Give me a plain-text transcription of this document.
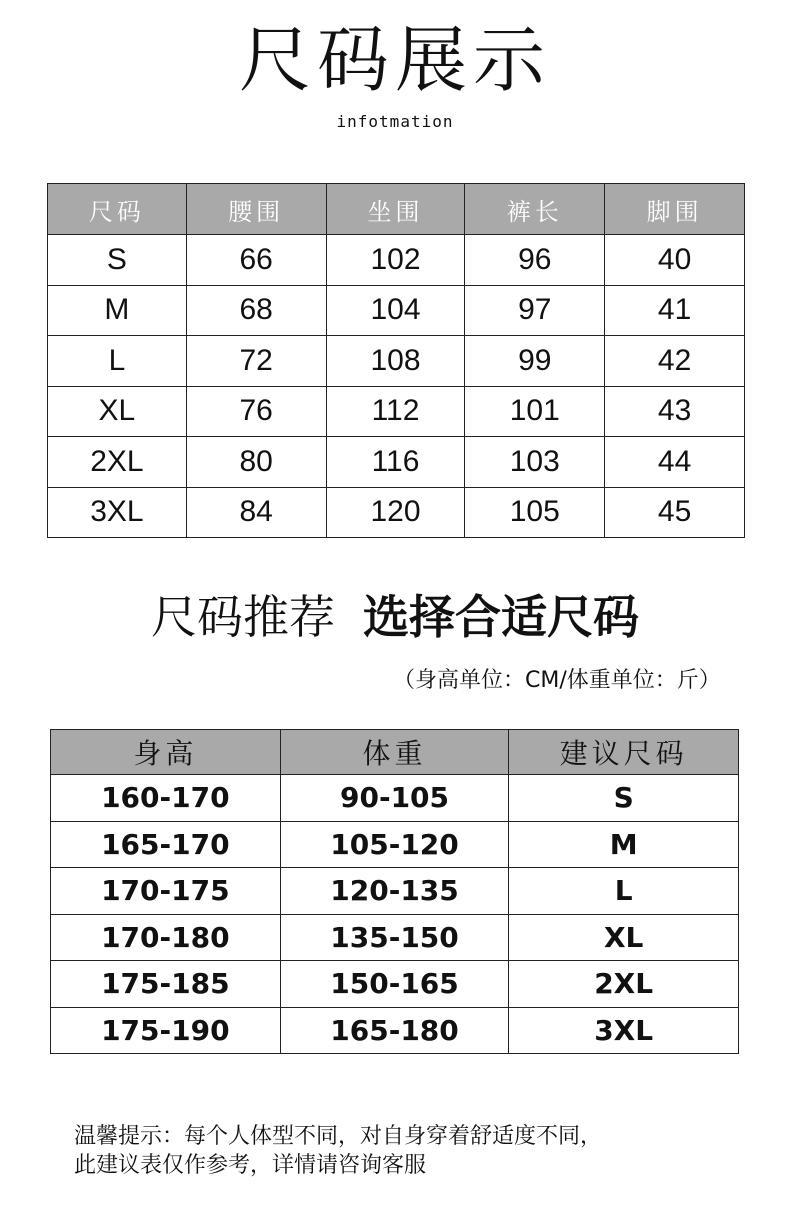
尺码展示
infotmation
尺码	腰围	坐围	裤长	脚围
S	66	102	96	40
M	68	104	97	41
L	72	108	99	42
XL	76	112	101	43
2XL	80	116	103	44
3XL	84	120	105	45
尺码推荐 选择合适尺码
（身高单位：CM/体重单位：斤）
身高	体重	建议尺码
160-170	90-105	S
165-170	105-120	M
170-175	120-135	L
170-180	135-150	XL
175-185	150-165	2XL
175-190	165-180	3XL
温馨提示：每个人体型不同，对自身穿着舒适度不同，
此建议表仅作参考，详情请咨询客服
